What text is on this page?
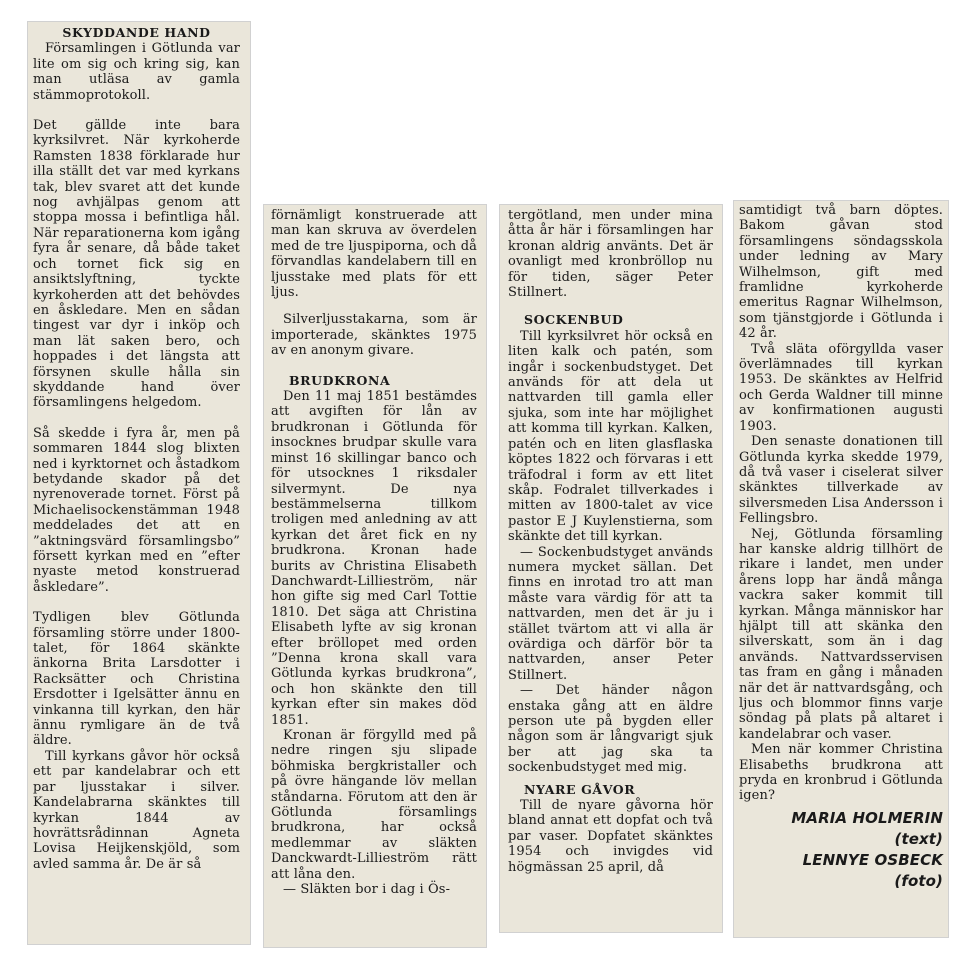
SKYDDANDE HAND

Församlingen i Götlunda var lite om sig och kring sig, kan man utläsa av gamla stämmoprotokoll.

Det gällde inte bara kyrksilvret. När kyrkoherde Ramsten 1838 förklarade hur illa ställt det var med kyrkans tak, blev svaret att det kunde nog avhjälpas genom att stoppa mossa i befintliga hål. När reparationerna kom igång fyra år senare, då både taket och tornet fick sig en ansiktslyftning, tyckte kyrkoherden att det behövdes en åskledare. Men en sådan tingest var dyr i inköp och man lät saken bero, och hoppades i det längsta att försynen skulle hålla sin skyddande hand över församlingens helgedom.

Så skedde i fyra år, men på sommaren 1844 slog blixten ned i kyrktornet och åstadkom betydande skador på det nyrenoverade tornet. Först på Michaelisockenstämman 1948 meddelades det att en ”aktningsvärd församlingsbo” försett kyrkan med en ”efter nyaste metod konstruerad åskledare”.

Tydligen blev Götlunda församling större under 1800-talet, för 1864 skänkte änkorna Brita Larsdotter i Racksätter och Christina Ersdotter i Igelsätter ännu en vinkanna till kyrkan, den här ännu rymligare än de två äldre.

Till kyrkans gåvor hör också ett par kandelabrar och ett par ljusstakar i silver. Kandelabrarna skänktes till kyrkan 1844 av hovrättsrådinnan Agneta Lovisa Heijkenskjöld, som avled samma år. De är så

förnämligt konstruerade att man kan skruva av överdelen med de tre ljuspiporna, och då förvandlas kandelabern till en ljusstake med plats för ett ljus.

Silverljusstakarna, som är importerade, skänktes 1975 av en anonym givare.

BRUDKRONA

Den 11 maj 1851 bestämdes att avgiften för lån av brudkronan i Götlunda för insocknes brudpar skulle vara minst 16 skillingar banco och för utsocknes 1 riksdaler silvermynt. De nya bestämmelserna tillkom troligen med anledning av att kyrkan det året fick en ny brudkrona. Kronan hade burits av Christina Elisabeth Danchwardt-Lillieström, när hon gifte sig med Carl Tottie 1810. Det säga att Christina Elisabeth lyfte av sig kronan efter bröllopet med orden ”Denna krona skall vara Götlunda kyrkas brudkrona”, och hon skänkte den till kyrkan efter sin makes död 1851.

Kronan är förgylld med på nedre ringen sju slipade böhmiska bergkristaller och på övre hängande löv mellan ståndarna. Förutom att den är Götlunda församlings brudkrona, har också medlemmar av släkten Danckwardt-Lillieström rätt att låna den.

— Släkten bor i dag i Ös-

tergötland, men under mina åtta år här i församlingen har kronan aldrig använts. Det är ovanligt med kronbröllop nu för tiden, säger Peter Stillnert.

SOCKENBUD

Till kyrksilvret hör också en liten kalk och patén, som ingår i sockenbudstyget. Det används för att dela ut nattvarden till gamla eller sjuka, som inte har möjlighet att komma till kyrkan. Kalken, patén och en liten glasflaska köptes 1822 och förvaras i ett träfodral i form av ett litet skåp. Fodralet tillverkades i mitten av 1800-talet av vice pastor E J Kuylenstierna, som skänkte det till kyrkan.

— Sockenbudstyget används numera mycket sällan. Det finns en inrotad tro att man måste vara värdig för att ta nattvarden, men det är ju i stället tvärtom att vi alla är ovärdiga och därför bör ta nattvarden, anser Peter Stillnert.

— Det händer någon enstaka gång att en äldre person ute på bygden eller någon som är långvarigt sjuk ber att jag ska ta sockenbudstyget med mig.

NYARE GÅVOR

Till de nyare gåvorna hör bland annat ett dopfat och två par vaser. Dopfatet skänktes 1954 och invigdes vid högmässan 25 april, då

samtidigt två barn döptes. Bakom gåvan stod församlingens söndagsskola under ledning av Mary Wilhelmson, gift med framlidne kyrkoherde emeritus Ragnar Wilhelmson, som tjänstgjorde i Götlunda i 42 år.

Två släta oförgyllda vaser överlämnades till kyrkan 1953. De skänktes av Helfrid och Gerda Waldner till minne av konfirmationen augusti 1903.

Den senaste donationen till Götlunda kyrka skedde 1979, då två vaser i ciselerat silver skänktes tillverkade av silversmeden Lisa Andersson i Fellingsbro.

Nej, Götlunda församling har kanske aldrig tillhört de rikare i landet, men under årens lopp har ändå många vackra saker kommit till kyrkan. Många människor har hjälpt till att skänka den silverskatt, som än i dag används. Nattvardsservisen tas fram en gång i månaden när det är nattvardsgång, och ljus och blommor finns varje söndag på plats på altaret i kandelabrar och vaser.

Men när kommer Christina Elisabeths brudkrona att pryda en kronbrud i Götlunda igen?

MARIA HOLMERIN
(text)
LENNYE OSBECK
(foto)
